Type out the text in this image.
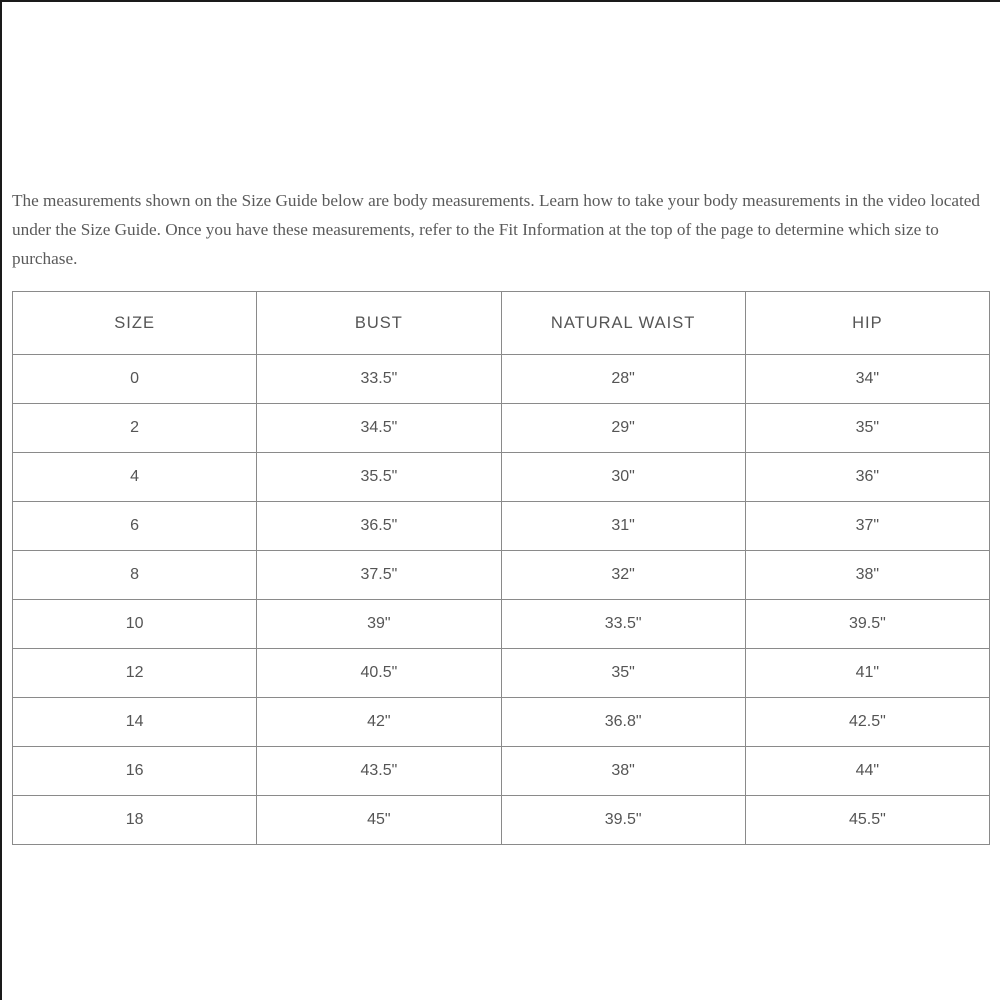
The measurements shown on the Size Guide below are body measurements. Learn how to take your body measurements in the video located under the Size Guide. Once you have these measurements, refer to the Fit Information at the top of the page to determine which size to purchase.

SIZE	BUST	NATURAL WAIST	HIP
0	33.5"	28"	34"
2	34.5"	29"	35"
4	35.5"	30"	36"
6	36.5"	31"	37"
8	37.5"	32"	38"
10	39"	33.5"	39.5"
12	40.5"	35"	41"
14	42"	36.8"	42.5"
16	43.5"	38"	44"
18	45"	39.5"	45.5"
